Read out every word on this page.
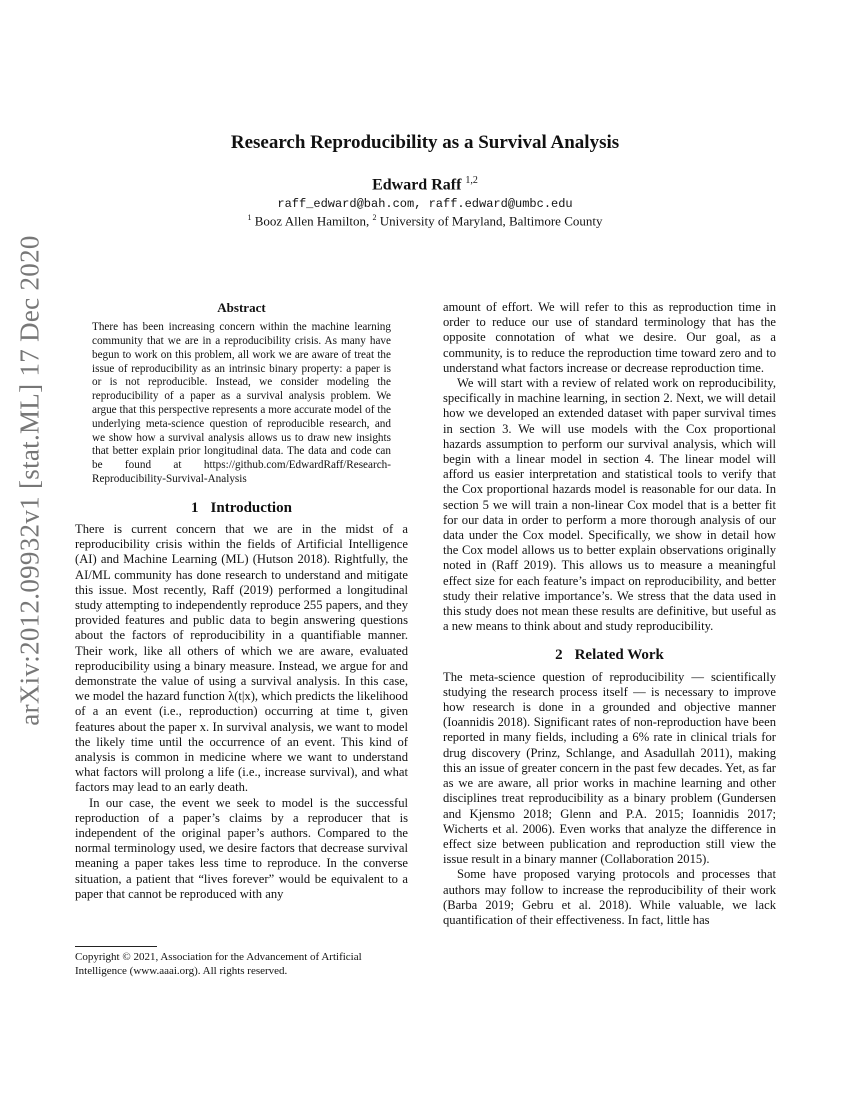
Research Reproducibility as a Survival Analysis
Edward Raff $^{1,2}$
raff_edward@bah.com, raff.edward@umbc.edu
$^1$ Booz Allen Hamilton, $^2$ University of Maryland, Baltimore County
arXiv:2012.09932v1 [stat.ML] 17 Dec 2020	Abstract
There has been increasing concern within the machine learning community that we are in a reproducibility crisis. As many have begun to work on this problem, all work we are aware of treat the issue of reproducibility as an intrinsic binary property: a paper is or is not reproducible. Instead, we consider modeling the reproducibility of a paper as a survival analysis problem. We argue that this perspective represents a more accurate model of the underlying meta-science question of reproducible research, and we show how a survival analysis allows us to draw new insights that better explain prior longitudinal data. The data and code can be found at https://github.com/EdwardRaff/Research-Reproducibility-Survival-Analysis
1 Introduction

There is current concern that we are in the midst of a reproducibility crisis within the fields of Artificial Intelligence (AI) and Machine Learning (ML) (Hutson 2018). Rightfully, the AI/ML community has done research to understand and mitigate this issue. Most recently, Raff (2019) performed a longitudinal study attempting to independently reproduce 255 papers, and they provided features and public data to begin answering questions about the factors of reproducibility in a quantifiable manner. Their work, like all others of which we are aware, evaluated reproducibility using a binary measure. Instead, we argue for and demonstrate the value of using a survival analysis. In this case, we model the hazard function λ(t|x), which predicts the likelihood of a an event (i.e., reproduction) occurring at time t, given features about the paper x. In survival analysis, we want to model the likely time until the occurrence of an event. This kind of analysis is common in medicine where we want to understand what factors will prolong a life (i.e., increase survival), and what factors may lead to an early death.

In our case, the event we seek to model is the successful reproduction of a paper’s claims by a reproducer that is independent of the original paper’s authors. Compared to the normal terminology used, we desire factors that decrease survival meaning a paper takes less time to reproduce. In the converse situation, a patient that “lives forever” would be equivalent to a paper that cannot be reproduced with any

Copyright © 2021, Association for the Advancement of Artificial Intelligence (www.aaai.org). All rights reserved.

amount of effort. We will refer to this as reproduction time in order to reduce our use of standard terminology that has the opposite connotation of what we desire. Our goal, as a community, is to reduce the reproduction time toward zero and to understand what factors increase or decrease reproduction time.

We will start with a review of related work on reproducibility, specifically in machine learning, in section 2. Next, we will detail how we developed an extended dataset with paper survival times in section 3. We will use models with the Cox proportional hazards assumption to perform our survival analysis, which will begin with a linear model in section 4. The linear model will afford us easier interpretation and statistical tools to verify that the Cox proportional hazards model is reasonable for our data. In section 5 we will train a non-linear Cox model that is a better fit for our data in order to perform a more thorough analysis of our data under the Cox model. Specifically, we show in detail how the Cox model allows us to better explain observations originally noted in (Raff 2019). This allows us to measure a meaningful effect size for each feature’s impact on reproducibility, and better study their relative importance’s. We stress that the data used in this study does not mean these results are definitive, but useful as a new means to think about and study reproducibility.

2 Related Work

The meta-science question of reproducibility — scientifically studying the research process itself — is necessary to improve how research is done in a grounded and objective manner (Ioannidis 2018). Significant rates of non-reproduction have been reported in many fields, including a 6% rate in clinical trials for drug discovery (Prinz, Schlange, and Asadullah 2011), making this an issue of greater concern in the past few decades. Yet, as far as we are aware, all prior works in machine learning and other disciplines treat reproducibility as a binary problem (Gundersen and Kjensmo 2018; Glenn and P.A. 2015; Ioannidis 2017; Wicherts et al. 2006). Even works that analyze the difference in effect size between publication and reproduction still view the issue result in a binary manner (Collaboration 2015).

Some have proposed varying protocols and processes that authors may follow to increase the reproducibility of their work (Barba 2019; Gebru et al. 2018). While valuable, we lack quantification of their effectiveness. In fact, little has
